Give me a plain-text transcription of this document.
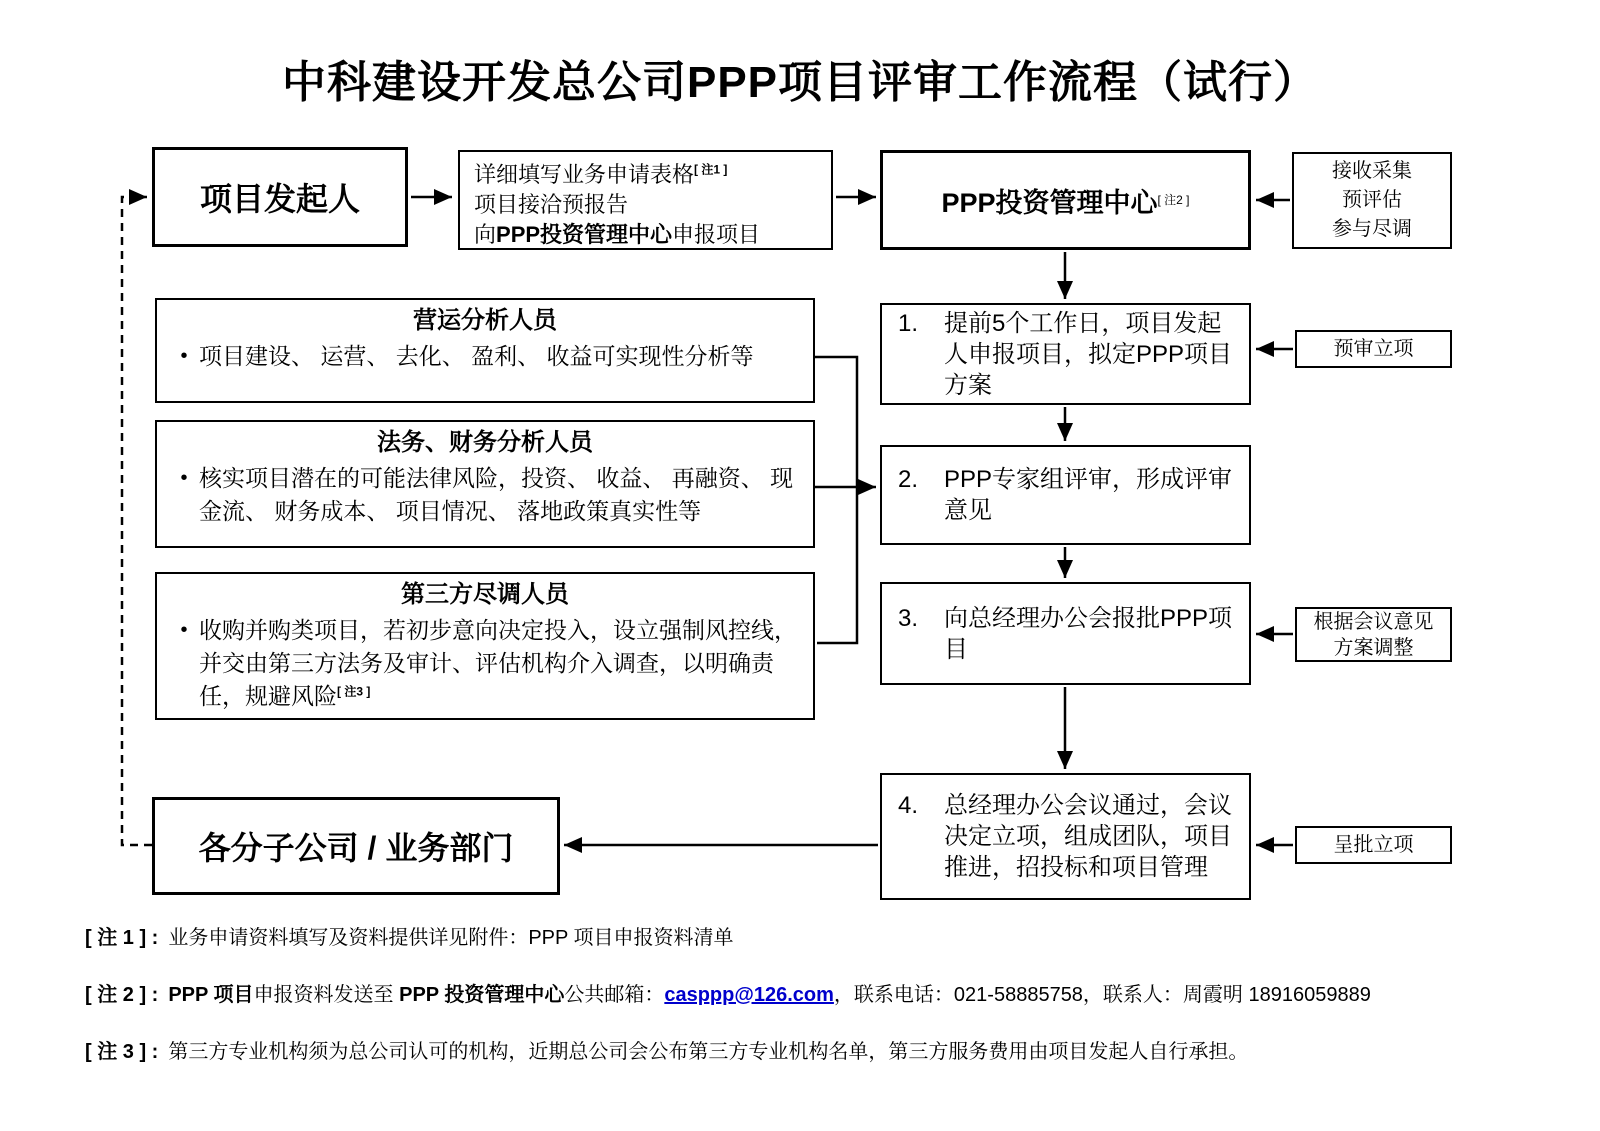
中科建设开发总公司PPP项目评审工作流程（试行）
项目发起人
详细填写业务申请表格[ 注1 ]
项目接洽预报告
向PPP投资管理中心申报项目
PPP投资管理中心 [ 注2 ]
接收采集
预评估
参与尽调
营运分析人员
• 项目建设、 运营、 去化、 盈利、 收益可实现性分析等
法务、财务分析人员
• 核实项目潜在的可能法律风险，投资、 收益、 再融资、 现金流、 财务成本、 项目情况、 落地政策真实性等
第三方尽调人员
• 收购并购类项目，若初步意向决定投入，设立强制风控线，并交由第三方法务及审计、评估机构介入调查，以明确责任，规避风险[ 注3 ]
1.	提前5个工作日，项目发起人申报项目，拟定PPP项目方案
2.	PPP专家组评审，形成评审意见
3.	向总经理办公会报批PPP项目
4.	总经理办公会议通过，会议决定立项，组成团队，项目推进，招投标和项目管理
预审立项
根据会议意见
方案调整
呈批立项
各分子公司 / 业务部门
[ 注 1 ] : 业务申请资料填写及资料提供详见附件：PPP 项目申报资料清单
[ 注 2 ] : PPP 项目申报资料发送至 PPP 投资管理中心公共邮箱：casppp@126.com，联系电话：021-58885758，联系人：周霞明 18916059889
[ 注 3 ] : 第三方专业机构须为总公司认可的机构，近期总公司会公布第三方专业机构名单，第三方服务费用由项目发起人自行承担。
